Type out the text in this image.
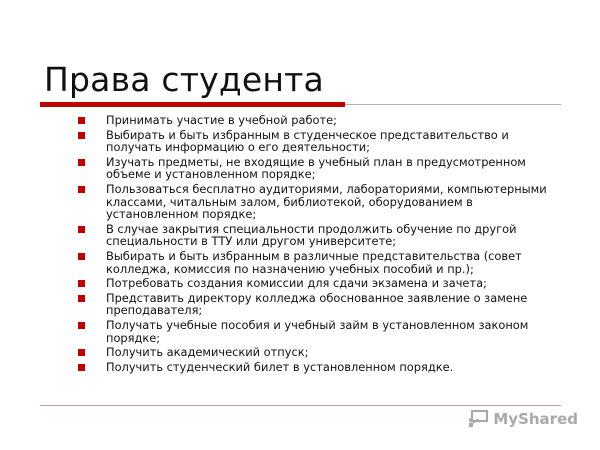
Права студента
Принимать участие в учебной работе;
Выбирать и быть избранным в студенческое представительство и получать информацию о его деятельности;
Изучать предметы, не входящие в учебный план в предусмотренном объеме и установленном порядке;
Пользоваться бесплатно аудиториями, лабораториями, компьютерными классами, читальным залом, библиотекой, оборудованием в установленном порядке;
В случае закрытия специальности продолжить обучение по другой специальности в ТТУ или другом университете;
Выбирать и быть избранным в различные представительства (совет колледжа, комиссия по назначению учебных пособий и пр.);
Потребовать создания комиссии для сдачи экзамена и зачета;
Представить директору колледжа обоснованное заявление о замене преподавателя;
Получать учебные пособия и учебный займ в установленном законом порядке;
Получить академический отпуск;
Получить студенческий билет в установленном порядке.
MyShared
